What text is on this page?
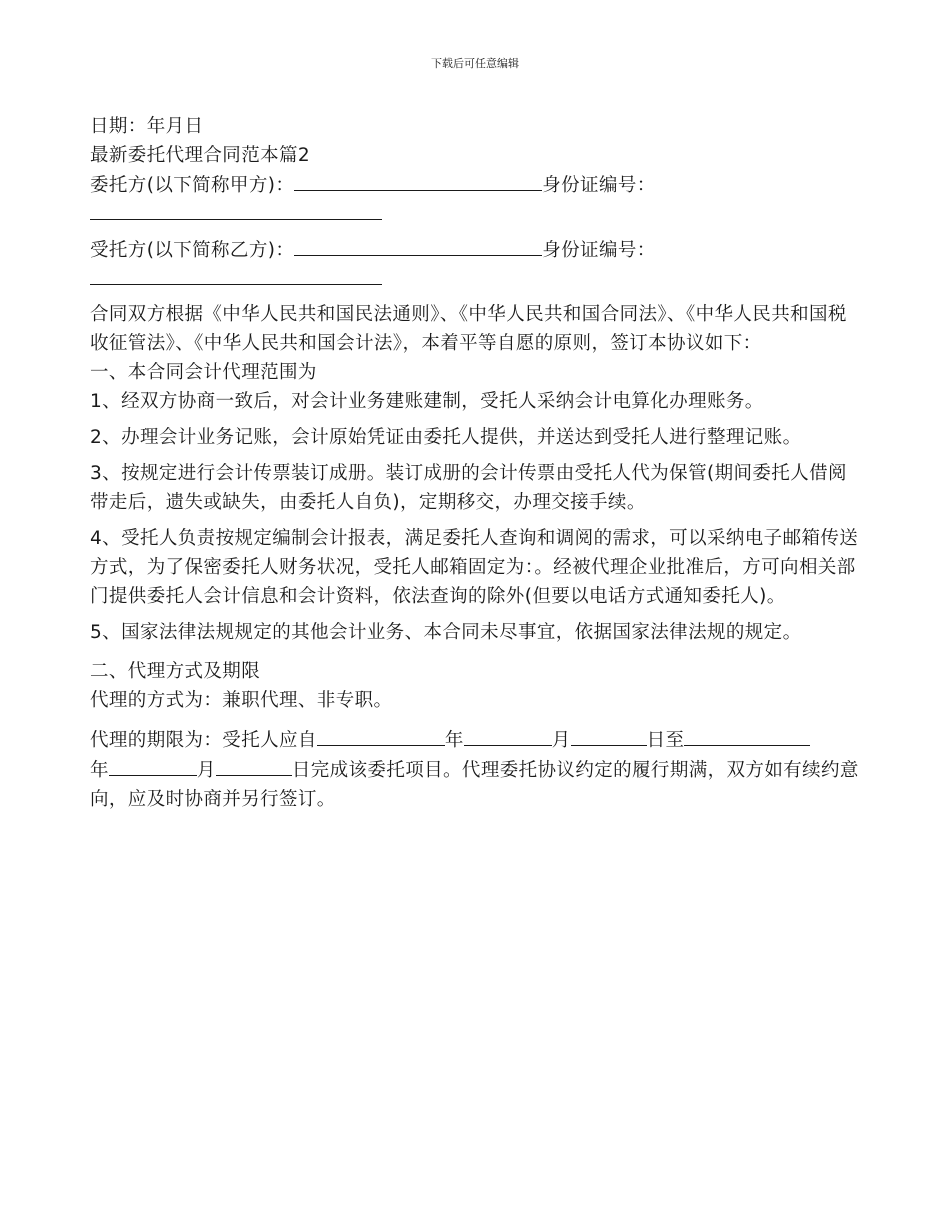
下载后可任意编辑
日期：年月日
最新委托代理合同范本篇2
委托方(以下简称甲方)：	身份证编号：
受托方(以下简称乙方)：	身份证编号：
合同双方根据《中华人民共和国民法通则》、《中华人民共和国合同法》、《中华人民共和国税收征管法》、《中华人民共和国会计法》，本着平等自愿的原则，签订本协议如下：
一、本合同会计代理范围为
1、经双方协商一致后，对会计业务建账建制，受托人采纳会计电算化办理账务。
2、办理会计业务记账，会计原始凭证由委托人提供，并送达到受托人进行整理记账。
3、按规定进行会计传票装订成册。装订成册的会计传票由受托人代为保管(期间委托人借阅带走后，遗失或缺失，由委托人自负)，定期移交，办理交接手续。
4、受托人负责按规定编制会计报表，满足委托人查询和调阅的需求，可以采纳电子邮箱传送方式，为了保密委托人财务状况，受托人邮箱固定为：。经被代理企业批准后，方可向相关部门提供委托人会计信息和会计资料，依法查询的除外(但要以电话方式通知委托人)。
5、国家法律法规规定的其他会计业务、本合同未尽事宜，依据国家法律法规的规定。
二、代理方式及期限
代理的方式为：兼职代理、非专职。
代理的期限为：受托人应自	年	月	日至
年	月	日完成该委托项目。代理委托协议约定的履行期满，双方如有续约意向，应及时协商并另行签订。
